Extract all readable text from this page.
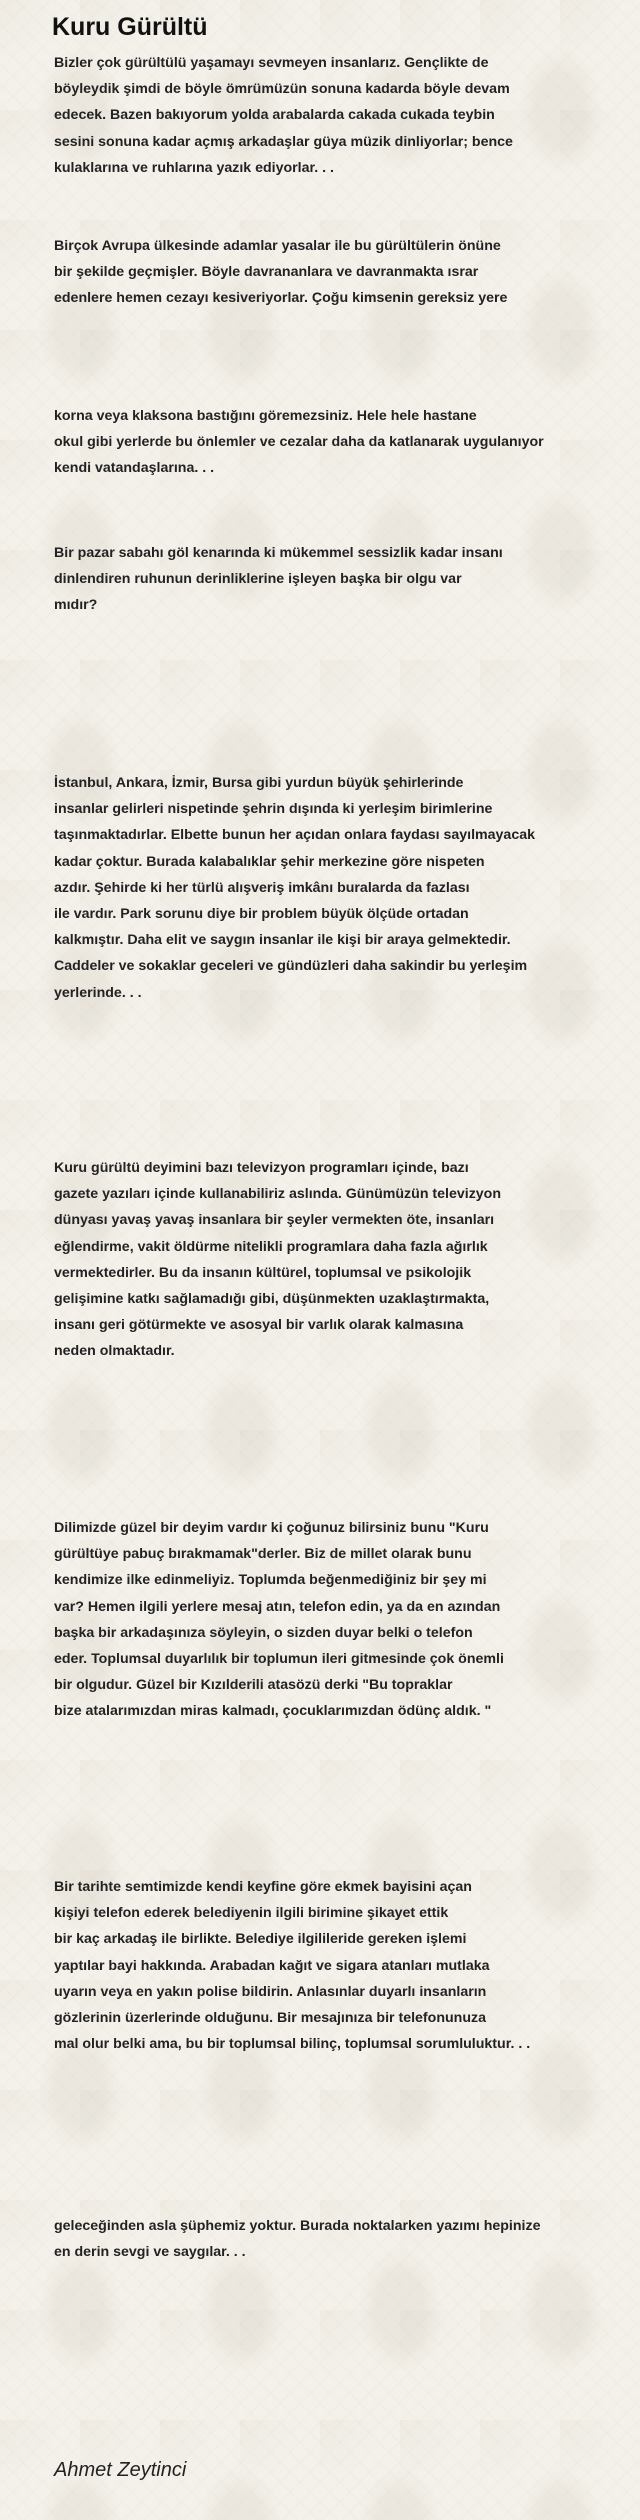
Kuru Gürültü

Bizler çok gürültülü yaşamayı sevmeyen insanlarız. Gençlikte de
böyleydik şimdi de böyle ömrümüzün sonuna kadarda böyle devam
edecek. Bazen bakıyorum yolda arabalarda cakada cukada teybin
sesini sonuna kadar açmış arkadaşlar güya müzik dinliyorlar; bence
kulaklarına ve ruhlarına yazık ediyorlar. . .

Birçok Avrupa ülkesinde adamlar yasalar ile bu gürültülerin önüne
bir şekilde geçmişler. Böyle davrananlara ve davranmakta ısrar
edenlere hemen cezayı kesiveriyorlar. Çoğu kimsenin gereksiz yere

korna veya klaksona bastığını göremezsiniz. Hele hele hastane
okul gibi yerlerde bu önlemler ve cezalar daha da katlanarak uygulanıyor
kendi vatandaşlarına. . .

Bir pazar sabahı göl kenarında ki mükemmel sessizlik kadar insanı
dinlendiren ruhunun derinliklerine işleyen başka bir olgu var
mıdır?

İstanbul, Ankara, İzmir, Bursa gibi yurdun büyük şehirlerinde
insanlar gelirleri nispetinde şehrin dışında ki yerleşim birimlerine
taşınmaktadırlar. Elbette bunun her açıdan onlara faydası sayılmayacak
kadar çoktur. Burada kalabalıklar şehir merkezine göre nispeten
azdır. Şehirde ki her türlü alışveriş imkânı buralarda da fazlası
ile vardır. Park sorunu diye bir problem büyük ölçüde ortadan
kalkmıştır. Daha elit ve saygın insanlar ile kişi bir araya gelmektedir.
Caddeler ve sokaklar geceleri ve gündüzleri daha sakindir bu yerleşim
yerlerinde. . .

Kuru gürültü deyimini bazı televizyon programları içinde, bazı
gazete yazıları içinde kullanabiliriz aslında. Günümüzün televizyon
dünyası yavaş yavaş insanlara bir şeyler vermekten öte, insanları
eğlendirme, vakit öldürme nitelikli programlara daha fazla ağırlık
vermektedirler. Bu da insanın kültürel, toplumsal ve psikolojik
gelişimine katkı sağlamadığı gibi, düşünmekten uzaklaştırmakta,
insanı geri götürmekte ve asosyal bir varlık olarak kalmasına
neden olmaktadır.

Dilimizde güzel bir deyim vardır ki çoğunuz bilirsiniz bunu "Kuru
gürültüye pabuç bırakmamak"derler. Biz de millet olarak bunu
kendimize ilke edinmeliyiz. Toplumda beğenmediğiniz bir şey mi
var? Hemen ilgili yerlere mesaj atın, telefon edin, ya da en azından
başka bir arkadaşınıza söyleyin, o sizden duyar belki o telefon
eder. Toplumsal duyarlılık bir toplumun ileri gitmesinde çok önemli
bir olgudur. Güzel bir Kızılderili atasözü derki "Bu topraklar
bize atalarımızdan miras kalmadı, çocuklarımızdan ödünç aldık. "

Bir tarihte semtimizde kendi keyfine göre ekmek bayisini açan
kişiyi telefon ederek belediyenin ilgili birimine şikayet ettik
bir kaç arkadaş ile birlikte. Belediye ilgilileride gereken işlemi
yaptılar bayi hakkında. Arabadan kağıt ve sigara atanları mutlaka
uyarın veya en yakın polise bildirin. Anlasınlar duyarlı insanların
gözlerinin üzerlerinde olduğunu. Bir mesajınıza bir telefonunuza
mal olur belki ama, bu bir toplumsal bilinç, toplumsal sorumluluktur. . .

geleceğinden asla şüphemiz yoktur. Burada noktalarken yazımı hepinize
en derin sevgi ve saygılar. . .

Ahmet Zeytinci
